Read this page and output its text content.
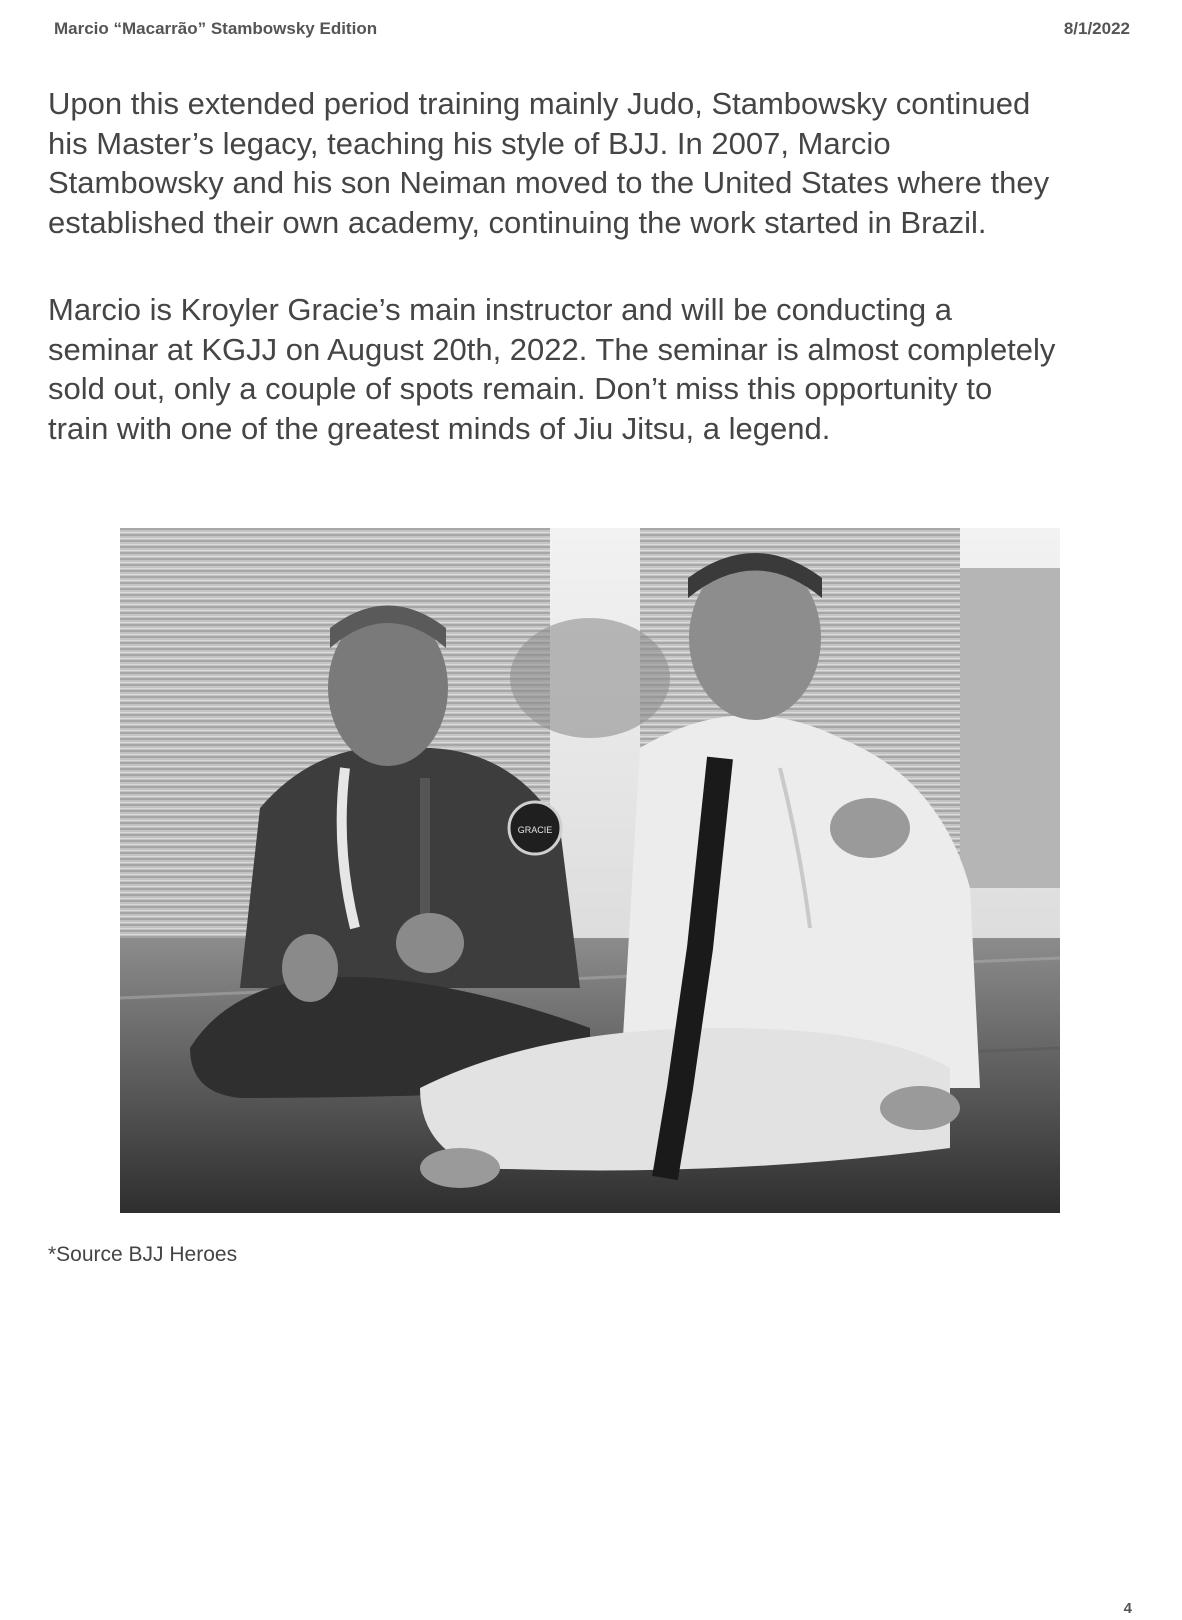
Marcio “Macarrão” Stambowsky Edition	8/1/2022

Upon this extended period training mainly Judo, Stambowsky continued
his Master’s legacy, teaching his style of BJJ. In 2007, Marcio
Stambowsky and his son Neiman moved to the United States where they
established their own academy, continuing the work started in Brazil.

Marcio is Kroyler Gracie’s main instructor and will be conducting a
seminar at KGJJ on August 20th, 2022. The seminar is almost completely
sold out, only a couple of spots remain. Don’t miss this opportunity to
train with one of the greatest minds of Jiu Jitsu, a legend.

GRACIE
*Source BJJ Heroes
4
